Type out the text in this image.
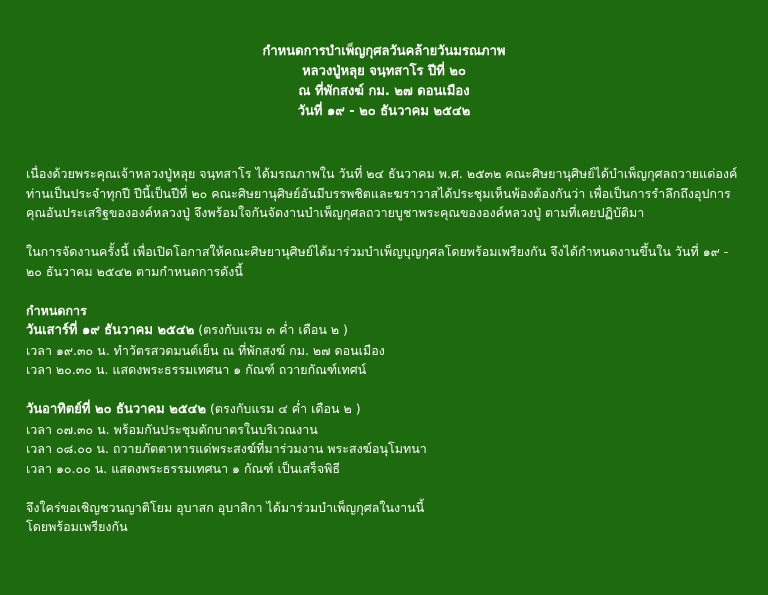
กำหนดการบำเพ็ญกุศลวันคล้ายวันมรณภาพ
หลวงปู่หลุย จนฺทสาโร ปีที่ ๒๐
ณ ที่พักสงฆ์ กม. ๒๗ ดอนเมือง
วันที่ ๑๙ - ๒๐ ธันวาคม ๒๕๔๒

เนื่องด้วยพระคุณเจ้าหลวงปู่หลุย จนฺทสาโร ได้มรณภาพใน วันที่ ๒๔ ธันวาคม พ.ศ. ๒๕๓๒ คณะศิษยานุศิษย์ได้บำเพ็ญกุศลถวายแด่องค์ท่านเป็นประจำทุกปี ปีนี้เป็นปีที่ ๒๐ คณะศิษยานุศิษย์อันมีบรรพชิตและฆราวาสได้ประชุมเห็นพ้องต้องกันว่า เพื่อเป็นการรำลึกถึงอุปการคุณอันประเสริฐขององค์หลวงปู่ จึงพร้อมใจกันจัดงานบำเพ็ญกุศลถวายบูชาพระคุณขององค์หลวงปู่ ตามที่เคยปฏิบัติมา

ในการจัดงานครั้งนี้ เพื่อเปิดโอกาสให้คณะศิษยานุศิษย์ได้มาร่วมบำเพ็ญบุญกุศลโดยพร้อมเพรียงกัน จึงได้กำหนดงานขึ้นใน วันที่ ๑๙ - ๒๐ ธันวาคม ๒๕๔๒ ตามกำหนดการดังนี้

กำหนดการ
วันเสาร์ที่ ๑๙ ธันวาคม ๒๕๔๒ (ตรงกับแรม ๓ ค่ำ เดือน ๒ )
เวลา ๑๙.๓๐ น. ทำวัตรสวดมนต์เย็น ณ ที่พักสงฆ์ กม. ๒๗ ดอนเมือง
เวลา ๒๐.๓๐ น. แสดงพระธรรมเทศนา ๑ กัณฑ์ ถวายกัณฑ์เทศน์
วันอาทิตย์ที่ ๒๐ ธันวาคม ๒๕๔๒ (ตรงกับแรม ๔ ค่ำ เดือน ๒ )
เวลา ๐๗.๓๐ น. พร้อมกันประชุมตักบาตรในบริเวณงาน
เวลา ๐๘.๐๐ น. ถวายภัตตาหารแด่พระสงฆ์ที่มาร่วมงาน พระสงฆ์อนุโมทนา
เวลา ๑๐.๐๐ น. แสดงพระธรรมเทศนา ๑ กัณฑ์ เป็นเสร็จพิธี
จึงใคร่ขอเชิญชวนญาติโยม อุบาสก อุบาสิกา ได้มาร่วมบำเพ็ญกุศลในงานนี้
โดยพร้อมเพรียงกัน
